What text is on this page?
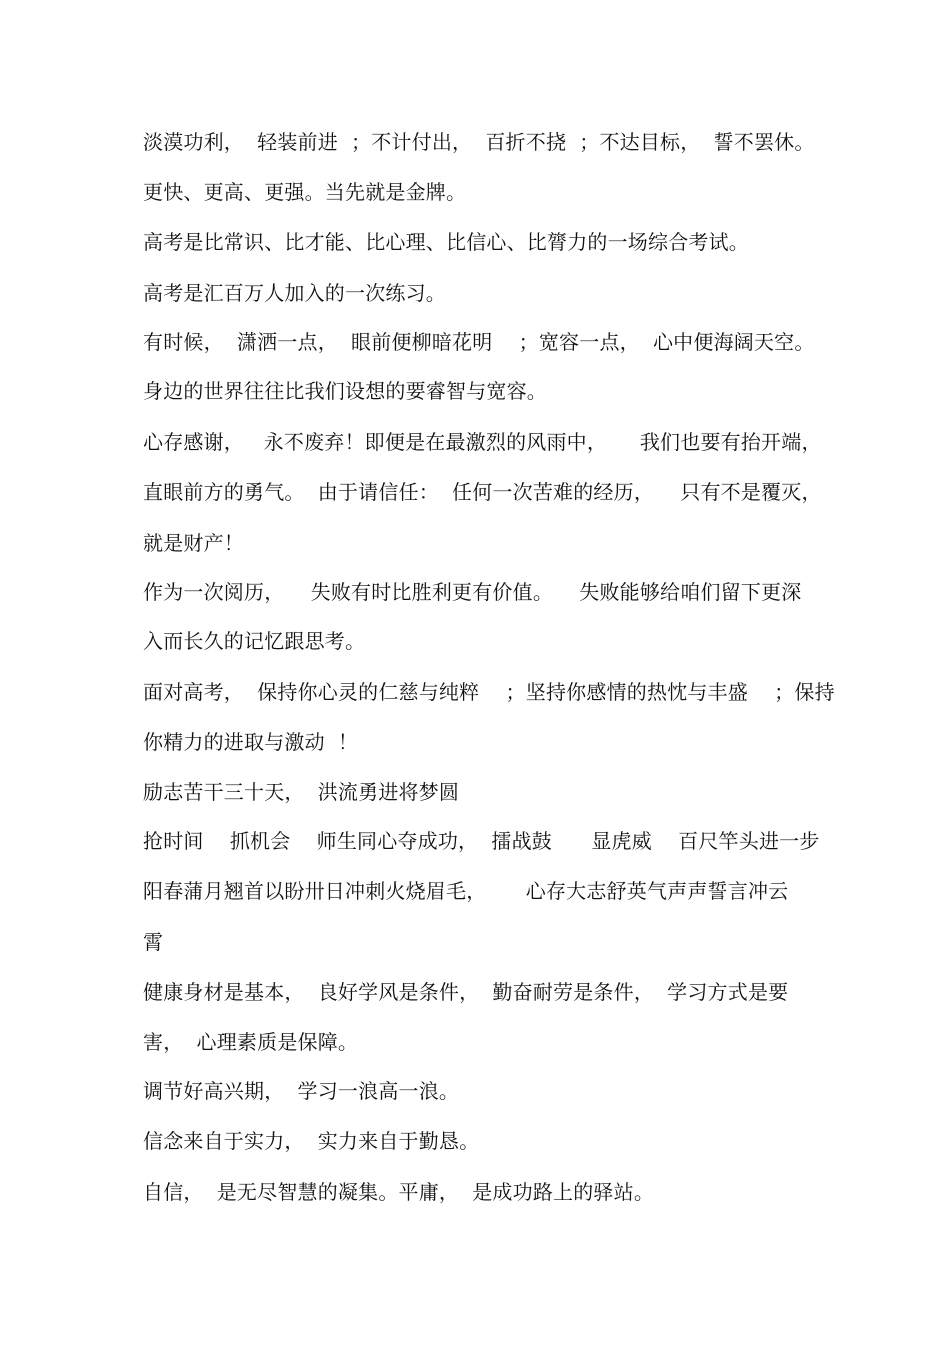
淡漠功利，  轻装前进  ；不计付出，  百折不挠  ；不达目标，  誓不罢休。
更快、更高、更强。当先就是金牌。
高考是比常识、比才能、比心理、比信心、比膂力的一场综合考试。
高考是汇百万人加入的一次练习。
有时候，  潇洒一点，  眼前便柳暗花明    ；宽容一点，  心中便海阔天空。
身边的世界往往比我们设想的要睿智与宽容。
心存感谢，   永不废弃！即便是在最激烈的风雨中，     我们也要有抬开端，
直眼前方的勇气。  由于请信任：  任何一次苦难的经历，    只有不是覆灭，
就是财产！
作为一次阅历，    失败有时比胜利更有价值。    失败能够给咱们留下更深
入而长久的记忆跟思考。
面对高考，  保持你心灵的仁慈与纯粹    ；坚持你感情的热忱与丰盛    ；保持
你精力的进取与激动  ！
励志苦干三十天，  洪流勇进将梦圆
抢时间    抓机会    师生同心夺成功，  擂战鼓      显虎威    百尺竿头进一步
阳春蒲月翘首以盼卅日冲刺火烧眉毛，      心存大志舒英气声声誓言冲云
霄
健康身材是基本，  良好学风是条件，  勤奋耐劳是条件，  学习方式是要
害，  心理素质是保障。
调节好高兴期，  学习一浪高一浪。
信念来自于实力，  实力来自于勤恳。
自信，  是无尽智慧的凝集。平庸，  是成功路上的驿站。
